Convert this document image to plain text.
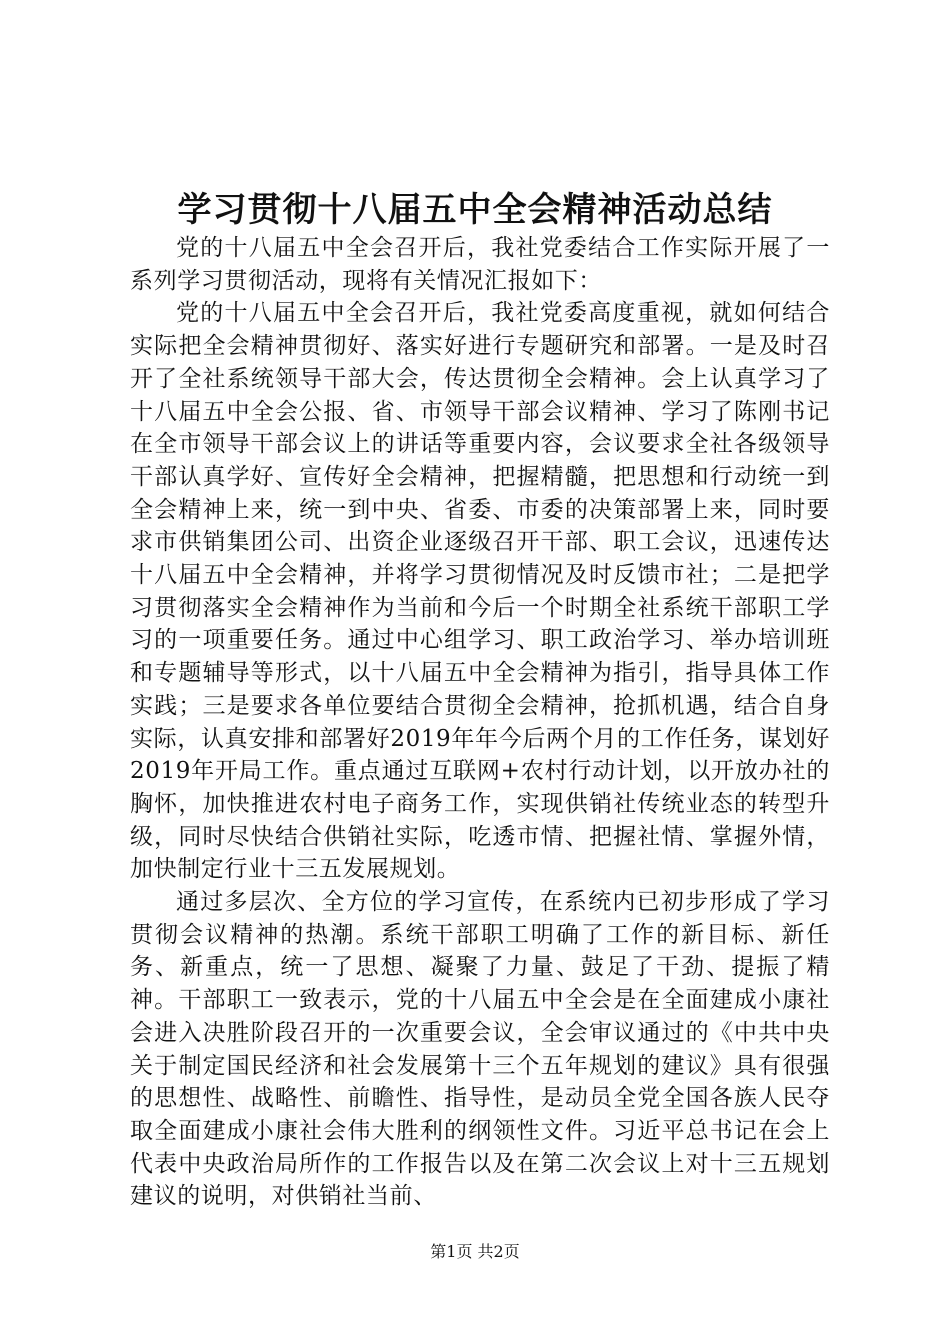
学习贯彻十八届五中全会精神活动总结

党的十八届五中全会召开后，我社党委结合工作实际开展了一系列学习贯彻活动，现将有关情况汇报如下：

党的十八届五中全会召开后，我社党委高度重视，就如何结合实际把全会精神贯彻好、落实好进行专题研究和部署。一是及时召开了全社系统领导干部大会，传达贯彻全会精神。会上认真学习了十八届五中全会公报、省、市领导干部会议精神、学习了陈刚书记在全市领导干部会议上的讲话等重要内容，会议要求全社各级领导干部认真学好、宣传好全会精神，把握精髓，把思想和行动统一到全会精神上来，统一到中央、省委、市委的决策部署上来，同时要求市供销集团公司、出资企业逐级召开干部、职工会议，迅速传达十八届五中全会精神，并将学习贯彻情况及时反馈市社；二是把学习贯彻落实全会精神作为当前和今后一个时期全社系统干部职工学习的一项重要任务。通过中心组学习、职工政治学习、举办培训班和专题辅导等形式，以十八届五中全会精神为指引，指导具体工作实践；三是要求各单位要结合贯彻全会精神，抢抓机遇，结合自身实际，认真安排和部署好2019年年今后两个月的工作任务，谋划好2019年开局工作。重点通过互联网+农村行动计划，以开放办社的胸怀，加快推进农村电子商务工作，实现供销社传统业态的转型升级，同时尽快结合供销社实际，吃透市情、把握社情、掌握外情，加快制定行业十三五发展规划。

通过多层次、全方位的学习宣传，在系统内已初步形成了学习贯彻会议精神的热潮。系统干部职工明确了工作的新目标、新任务、新重点，统一了思想、凝聚了力量、鼓足了干劲、提振了精神。干部职工一致表示，党的十八届五中全会是在全面建成小康社会进入决胜阶段召开的一次重要会议，全会审议通过的《中共中央关于制定国民经济和社会发展第十三个五年规划的建议》具有很强的思想性、战略性、前瞻性、指导性，是动员全党全国各族人民夺取全面建成小康社会伟大胜利的纲领性文件。习近平总书记在会上代表中央政治局所作的工作报告以及在第二次会议上对十三五规划建议的说明，对供销社当前、

第1页 共2页
